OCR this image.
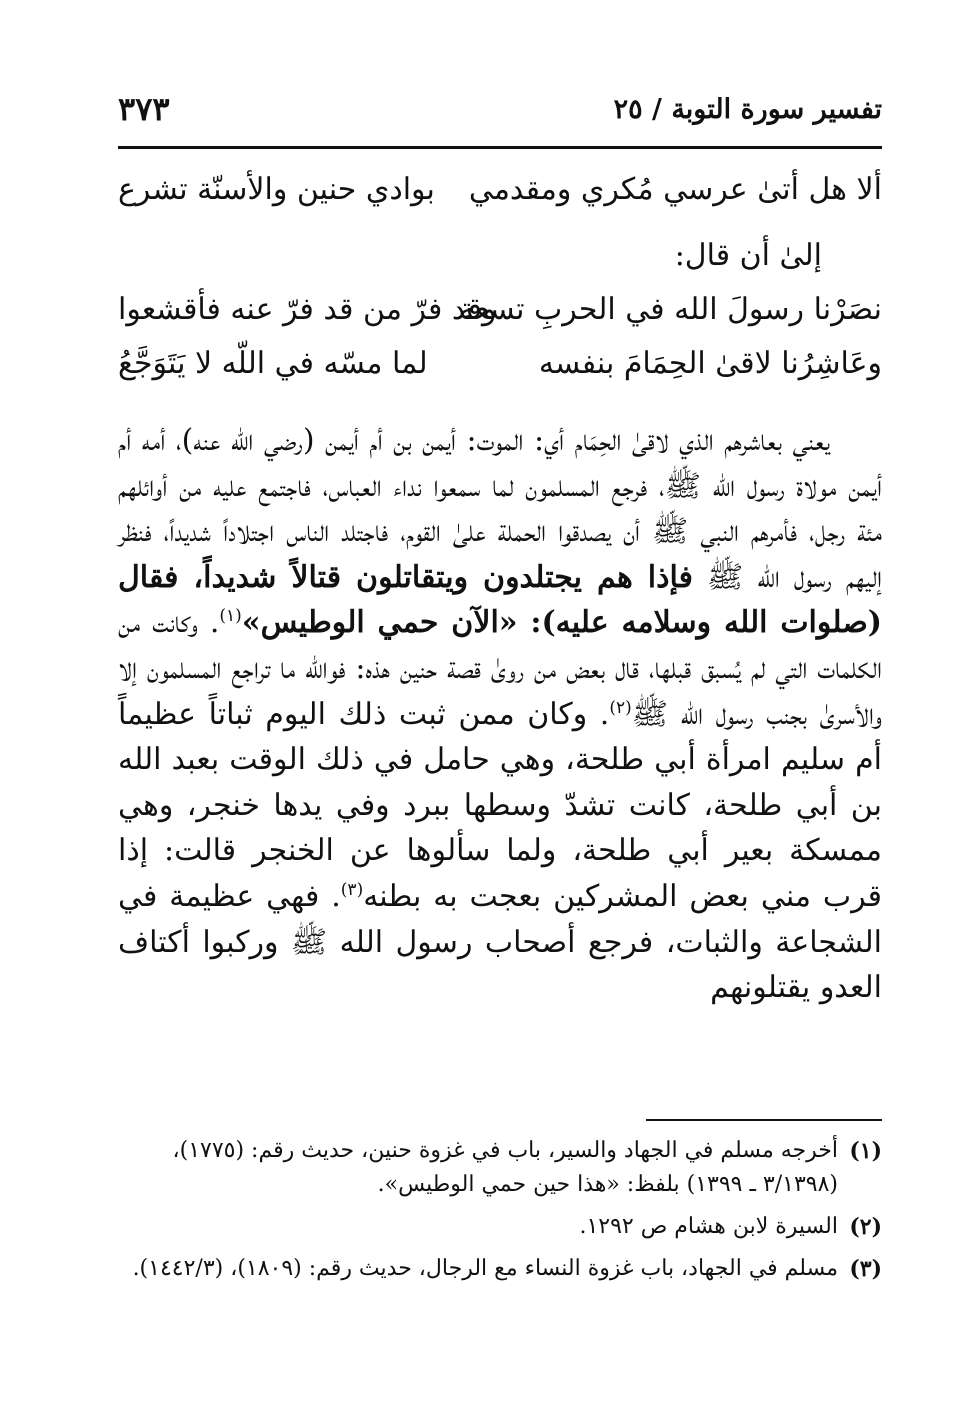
تفسير سورة التوبة / ٢٥
٣٧٣
ألا هل أتىٰ عرسي مُكري ومقدمي
بوادي حنين والأسنّة تشرع
إلىٰ أن قال:
نصَرْنا رسولَ الله في الحربِ تسعة
وقد فرّ من قد فرّ عنه فأقشعوا
وعَاشِرُنا لاقىٰ الحِمَامَ بنفسه
لما مسّه في اللّه لا يَتَوَجَّعُ

يعني بعاشرهم الذي لاقىٰ الحِمَام أي: الموت: أيمن بن أم أيمن (رضي الله عنه)، أمه أم أيمن مولاة رسول الله ﷺ، فرجع المسلمون لما سمعوا نداء العباس، فاجتمع عليه من أوائلهم مئة رجل، فأمرهم النبي ﷺ أن يصدقوا الحملة علىٰ القوم، فاجتلد الناس اجتلاداً شديداً، فنظر إليهم رسول الله ﷺ فإذا هم يجتلدون ويتقاتلون قتالاً شديداً، فقال (صلوات الله وسلامه عليه): «الآن حمي الوطيس»$^{(١)}$. وكانت من الكلمات التي لم يُسبق قبلها، قال بعض من روىٰ قصة حنين هذه: فوالله ما تراجع المسلمون إلا والأسرىٰ بجنب رسول الله ﷺ$^{(٢)}$. وكان ممن ثبت ذلك اليوم ثباتاً عظيماً أم سليم امرأة أبي طلحة، وهي حامل في ذلك الوقت بعبد الله بن أبي طلحة، كانت تشدّ وسطها ببرد وفي يدها خنجر، وهي ممسكة بعير أبي طلحة، ولما سألوها عن الخنجر قالت: إذا قرب مني بعض المشركين بعجت به بطنه$^{(٣)}$. فهي عظيمة في الشجاعة والثبات، فرجع أصحاب رسول الله ﷺ وركبوا أكتاف العدو يقتلونهم

(١)
أخرجه مسلم في الجهاد والسير، باب في غزوة حنين، حديث رقم: (١٧٧٥)، (٣/١٣٩٨ ـ ١٣٩٩) بلفظ: «هذا حين حمي الوطيس».
(٢)
السيرة لابن هشام ص ١٢٩٢.
(٣)
مسلم في الجهاد، باب غزوة النساء مع الرجال، حديث رقم: (١٨٠٩)، (١٤٤٢/٣).
